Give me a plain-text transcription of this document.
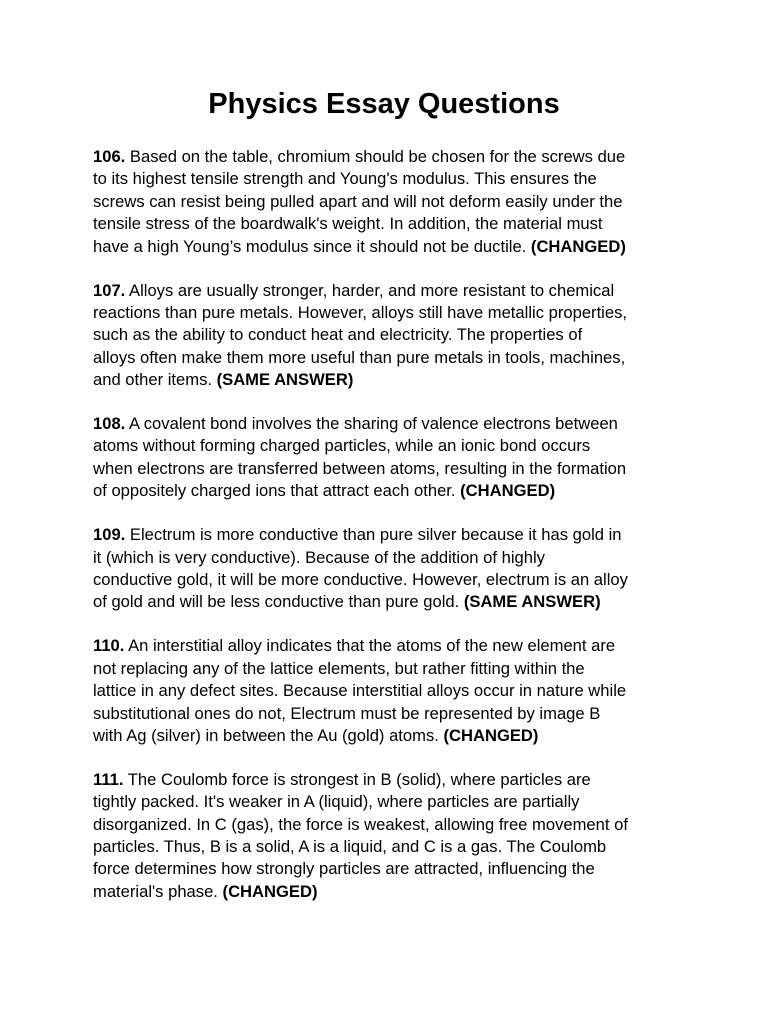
Physics Essay Questions

106. Based on the table, chromium should be chosen for the screws due
to its highest tensile strength and Young's modulus. This ensures the
screws can resist being pulled apart and will not deform easily under the
tensile stress of the boardwalk's weight. In addition, the material must
have a high Young’s modulus since it should not be ductile. (CHANGED)

107. Alloys are usually stronger, harder, and more resistant to chemical
reactions than pure metals. However, alloys still have metallic properties,
such as the ability to conduct heat and electricity. The properties of
alloys often make them more useful than pure metals in tools, machines,
and other items. (SAME ANSWER)

108. A covalent bond involves the sharing of valence electrons between
atoms without forming charged particles, while an ionic bond occurs
when electrons are transferred between atoms, resulting in the formation
of oppositely charged ions that attract each other. (CHANGED)

109. Electrum is more conductive than pure silver because it has gold in
it (which is very conductive). Because of the addition of highly
conductive gold, it will be more conductive. However, electrum is an alloy
of gold and will be less conductive than pure gold. (SAME ANSWER)

110. An interstitial alloy indicates that the atoms of the new element are
not replacing any of the lattice elements, but rather fitting within the
lattice in any defect sites. Because interstitial alloys occur in nature while
substitutional ones do not, Electrum must be represented by image B
with Ag (silver) in between the Au (gold) atoms. (CHANGED)

111. The Coulomb force is strongest in B (solid), where particles are
tightly packed. It's weaker in A (liquid), where particles are partially
disorganized. In C (gas), the force is weakest, allowing free movement of
particles. Thus, B is a solid, A is a liquid, and C is a gas. The Coulomb
force determines how strongly particles are attracted, influencing the
material's phase. (CHANGED)
